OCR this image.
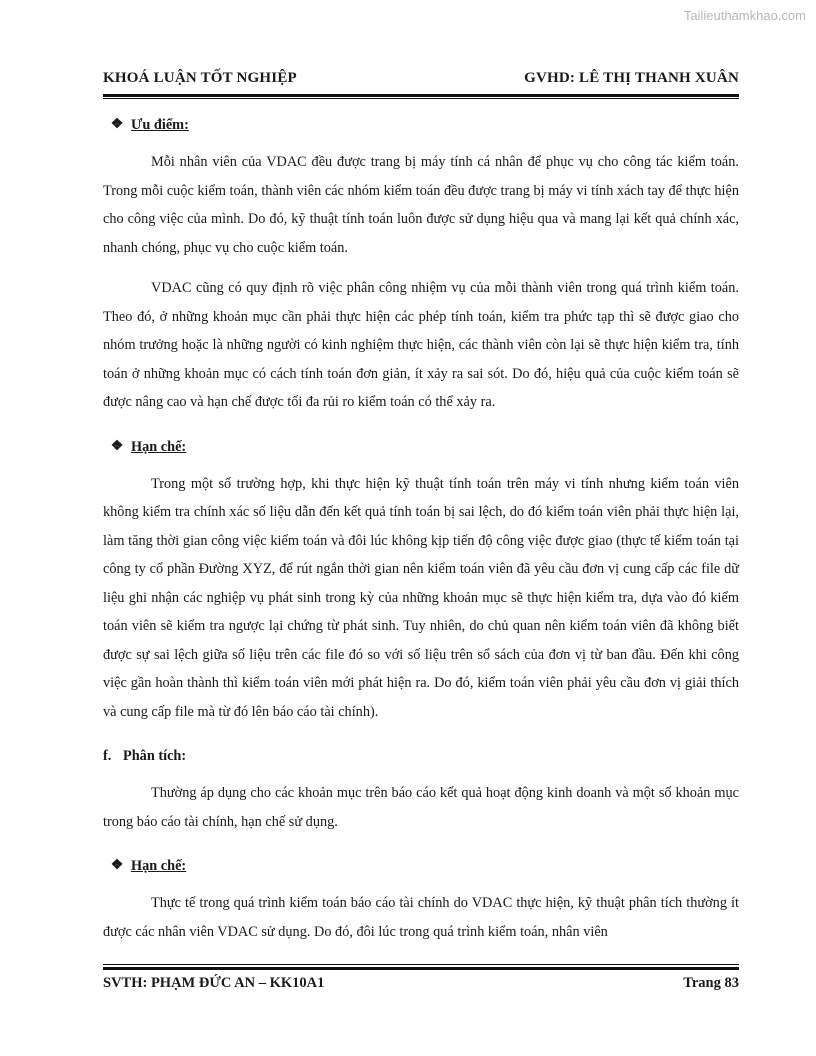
Tailieuthamkhao.com
KHOÁ LUẬN TỐT NGHIỆP	GVHD: LÊ THỊ THANH XUÂN
❖ Ưu điểm:

Mỗi nhân viên của VDAC đều được trang bị máy tính cá nhân để phục vụ cho công tác kiểm toán. Trong mỗi cuộc kiểm toán, thành viên các nhóm kiểm toán đều được trang bị máy vi tính xách tay để thực hiện cho công việc của mình. Do đó, kỹ thuật tính toán luôn được sử dụng hiệu qua và mang lại kết quả chính xác, nhanh chóng, phục vụ cho cuộc kiểm toán.

VDAC cũng có quy định rõ việc phân công nhiệm vụ của mỗi thành viên trong quá trình kiểm toán. Theo đó, ở những khoản mục cần phải thực hiện các phép tính toán, kiểm tra phức tạp thì sẽ được giao cho nhóm trưởng hoặc là những người có kinh nghiệm thực hiện, các thành viên còn lại sẽ thực hiện kiểm tra, tính toán ở những khoản mục có cách tính toán đơn giản, ít xảy ra sai sót. Do đó, hiệu quả của cuộc kiểm toán sẽ được nâng cao và hạn chế được tối đa rủi ro kiểm toán có thể xảy ra.

❖ Hạn chế:

Trong một số trường hợp, khi thực hiện kỹ thuật tính toán trên máy vi tính nhưng kiểm toán viên không kiểm tra chính xác số liệu dẫn đến kết quả tính toán bị sai lệch, do đó kiểm toán viên phải thực hiện lại, làm tăng thời gian công việc kiểm toán và đôi lúc không kịp tiến độ công việc được giao (thực tế kiểm toán tại công ty cổ phần Đường XYZ, để rút ngắn thời gian nên kiểm toán viên đã yêu cầu đơn vị cung cấp các file dữ liệu ghi nhận các nghiệp vụ phát sinh trong kỳ của những khoản mục sẽ thực hiện kiểm tra, dựa vào đó kiểm toán viên sẽ kiểm tra ngược lại chứng từ phát sinh. Tuy nhiên, do chủ quan nên kiểm toán viên đã không biết được sự sai lệch giữa số liệu trên các file đó so với số liệu trên sổ sách của đơn vị từ ban đầu. Đến khi công việc gần hoàn thành thì kiểm toán viên mới phát hiện ra. Do đó, kiểm toán viên phải yêu cầu đơn vị giải thích và cung cấp file mà từ đó lên báo cáo tài chính).

f. Phân tích:

Thường áp dụng cho các khoản mục trên báo cáo kết quả hoạt động kinh doanh và một số khoản mục trong báo cáo tài chính, hạn chế sử dụng.

❖ Hạn chế:

Thực tế trong quá trình kiểm toán báo cáo tài chính do VDAC thực hiện, kỹ thuật phân tích thường ít được các nhân viên VDAC sử dụng. Do đó, đôi lúc trong quá trình kiểm toán, nhân viên

SVTH: PHẠM ĐỨC AN – KK10A1	Trang 83
